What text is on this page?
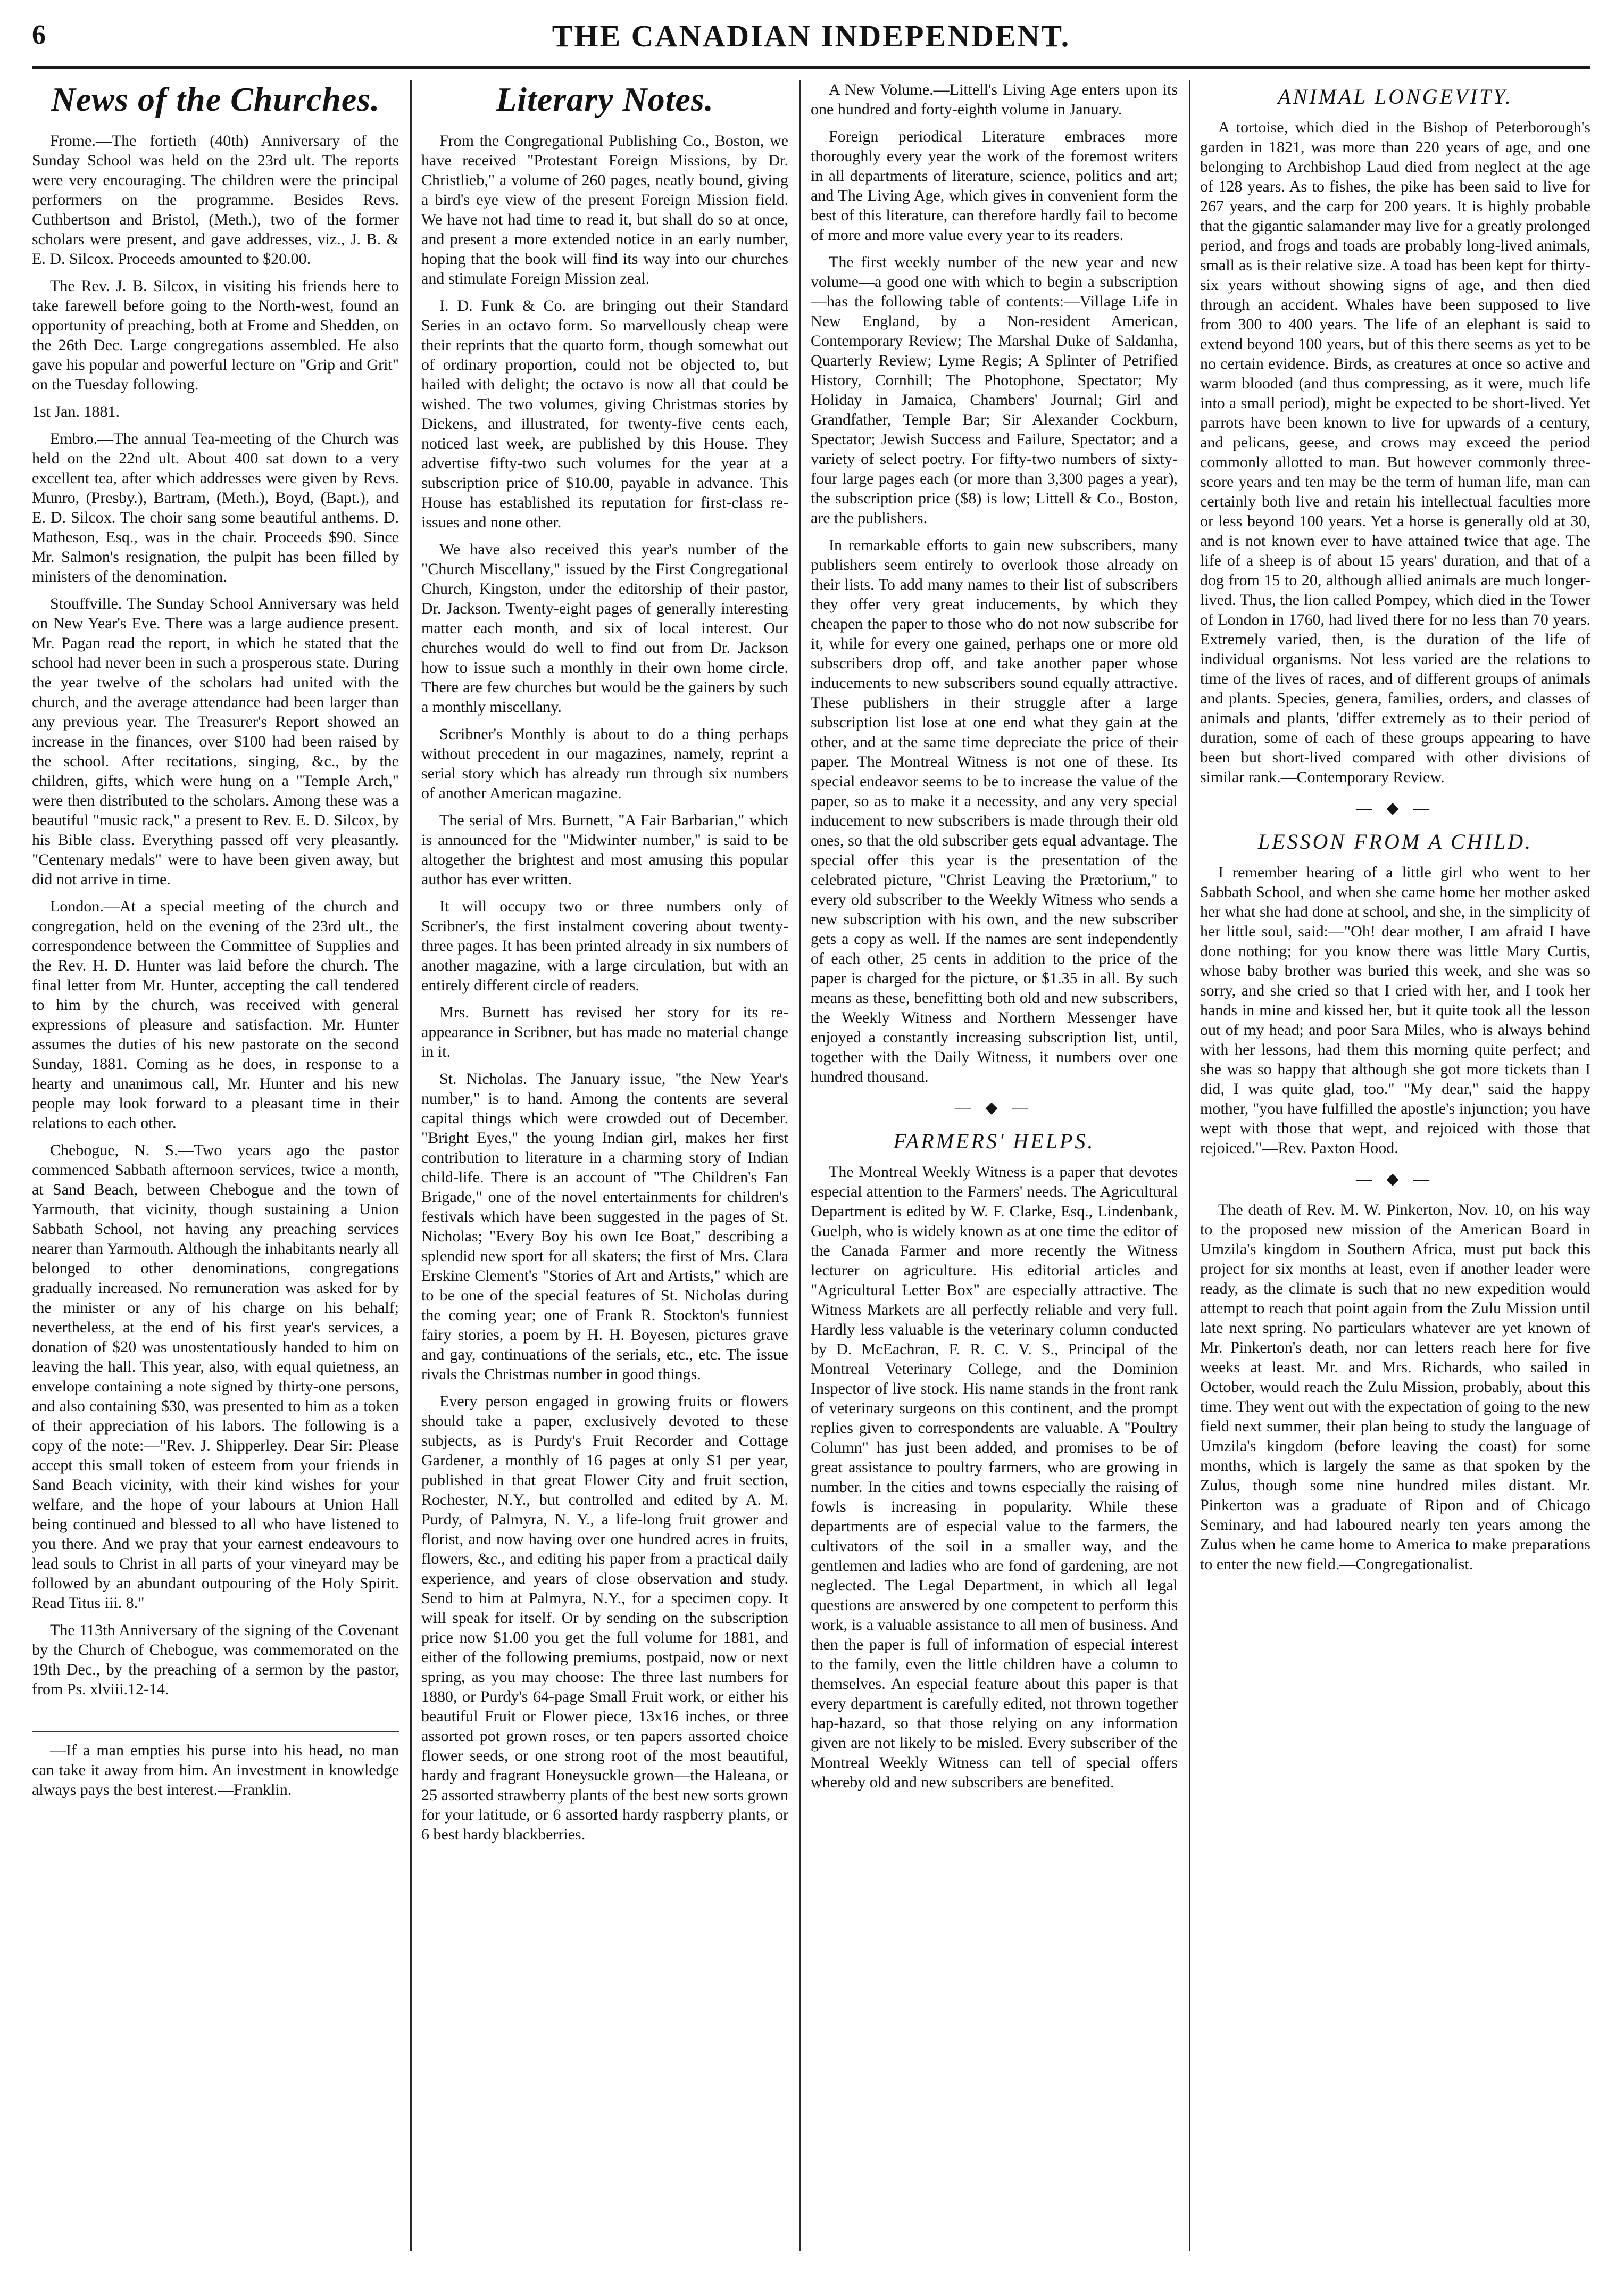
6	THE CANADIAN INDEPENDENT.
News of the Churches.

Frome.—The fortieth (40th) Anniversary of the Sunday School was held on the 23rd ult. The reports were very encouraging. The children were the principal performers on the programme. Besides Revs. Cuthbertson and Bristol, (Meth.), two of the former scholars were present, and gave addresses, viz., J. B. & E. D. Silcox. Proceeds amounted to $20.00.

The Rev. J. B. Silcox, in visiting his friends here to take farewell before going to the North-west, found an opportunity of preaching, both at Frome and Shedden, on the 26th Dec. Large congregations assembled. He also gave his popular and powerful lecture on "Grip and Grit" on the Tuesday following.

1st Jan. 1881.

Embro.—The annual Tea-meeting of the Church was held on the 22nd ult. About 400 sat down to a very excellent tea, after which addresses were given by Revs. Munro, (Presby.), Bartram, (Meth.), Boyd, (Bapt.), and E. D. Silcox. The choir sang some beautiful anthems. D. Matheson, Esq., was in the chair. Proceeds $90. Since Mr. Salmon's resignation, the pulpit has been filled by ministers of the denomination.

Stouffville. The Sunday School Anniversary was held on New Year's Eve. There was a large audience present. Mr. Pagan read the report, in which he stated that the school had never been in such a prosperous state. During the year twelve of the scholars had united with the church, and the average attendance had been larger than any previous year. The Treasurer's Report showed an increase in the finances, over $100 had been raised by the school. After recitations, singing, &c., by the children, gifts, which were hung on a "Temple Arch," were then distributed to the scholars. Among these was a beautiful "music rack," a present to Rev. E. D. Silcox, by his Bible class. Everything passed off very pleasantly. "Centenary medals" were to have been given away, but did not arrive in time.

London.—At a special meeting of the church and congregation, held on the evening of the 23rd ult., the correspondence between the Committee of Supplies and the Rev. H. D. Hunter was laid before the church. The final letter from Mr. Hunter, accepting the call tendered to him by the church, was received with general expressions of pleasure and satisfaction. Mr. Hunter assumes the duties of his new pastorate on the second Sunday, 1881. Coming as he does, in response to a hearty and unanimous call, Mr. Hunter and his new people may look forward to a pleasant time in their relations to each other.

Chebogue, N. S.—Two years ago the pastor commenced Sabbath afternoon services, twice a month, at Sand Beach, between Chebogue and the town of Yarmouth, that vicinity, though sustaining a Union Sabbath School, not having any preaching services nearer than Yarmouth. Although the inhabitants nearly all belonged to other denominations, congregations gradually increased. No remuneration was asked for by the minister or any of his charge on his behalf; nevertheless, at the end of his first year's services, a donation of $20 was unostentatiously handed to him on leaving the hall. This year, also, with equal quietness, an envelope containing a note signed by thirty-one persons, and also containing $30, was presented to him as a token of their appreciation of his labors. The following is a copy of the note:—"Rev. J. Shipperley. Dear Sir: Please accept this small token of esteem from your friends in Sand Beach vicinity, with their kind wishes for your welfare, and the hope of your labours at Union Hall being continued and blessed to all who have listened to you there. And we pray that your earnest endeavours to lead souls to Christ in all parts of your vineyard may be followed by an abundant outpouring of the Holy Spirit. Read Titus iii. 8."

The 113th Anniversary of the signing of the Covenant by the Church of Chebogue, was commemorated on the 19th Dec., by the preaching of a sermon by the pastor, from Ps. xlviii.12-14.

—If a man empties his purse into his head, no man can take it away from him. An investment in knowledge always pays the best interest.—Franklin.

Literary Notes.

From the Congregational Publishing Co., Boston, we have received "Protestant Foreign Missions, by Dr. Christlieb," a volume of 260 pages, neatly bound, giving a bird's eye view of the present Foreign Mission field. We have not had time to read it, but shall do so at once, and present a more extended notice in an early number, hoping that the book will find its way into our churches and stimulate Foreign Mission zeal.

I. D. Funk & Co. are bringing out their Standard Series in an octavo form. So marvellously cheap were their reprints that the quarto form, though somewhat out of ordinary proportion, could not be objected to, but hailed with delight; the octavo is now all that could be wished. The two volumes, giving Christmas stories by Dickens, and illustrated, for twenty-five cents each, noticed last week, are published by this House. They advertise fifty-two such volumes for the year at a subscription price of $10.00, payable in advance. This House has established its reputation for first-class re-issues and none other.

We have also received this year's number of the "Church Miscellany," issued by the First Congregational Church, Kingston, under the editorship of their pastor, Dr. Jackson. Twenty-eight pages of generally interesting matter each month, and six of local interest. Our churches would do well to find out from Dr. Jackson how to issue such a monthly in their own home circle. There are few churches but would be the gainers by such a monthly miscellany.

Scribner's Monthly is about to do a thing perhaps without precedent in our magazines, namely, reprint a serial story which has already run through six numbers of another American magazine.

The serial of Mrs. Burnett, "A Fair Barbarian," which is announced for the "Midwinter number," is said to be altogether the brightest and most amusing this popular author has ever written.

It will occupy two or three numbers only of Scribner's, the first instalment covering about twenty-three pages. It has been printed already in six numbers of another magazine, with a large circulation, but with an entirely different circle of readers.

Mrs. Burnett has revised her story for its re-appearance in Scribner, but has made no material change in it.

St. Nicholas. The January issue, "the New Year's number," is to hand. Among the contents are several capital things which were crowded out of December. "Bright Eyes," the young Indian girl, makes her first contribution to literature in a charming story of Indian child-life. There is an account of "The Children's Fan Brigade," one of the novel entertainments for children's festivals which have been suggested in the pages of St. Nicholas; "Every Boy his own Ice Boat," describing a splendid new sport for all skaters; the first of Mrs. Clara Erskine Clement's "Stories of Art and Artists," which are to be one of the special features of St. Nicholas during the coming year; one of Frank R. Stockton's funniest fairy stories, a poem by H. H. Boyesen, pictures grave and gay, continuations of the serials, etc., etc. The issue rivals the Christmas number in good things.

Every person engaged in growing fruits or flowers should take a paper, exclusively devoted to these subjects, as is Purdy's Fruit Recorder and Cottage Gardener, a monthly of 16 pages at only $1 per year, published in that great Flower City and fruit section, Rochester, N.Y., but controlled and edited by A. M. Purdy, of Palmyra, N. Y., a life-long fruit grower and florist, and now having over one hundred acres in fruits, flowers, &c., and editing his paper from a practical daily experience, and years of close observation and study. Send to him at Palmyra, N.Y., for a specimen copy. It will speak for itself. Or by sending on the subscription price now $1.00 you get the full volume for 1881, and either of the following premiums, postpaid, now or next spring, as you may choose: The three last numbers for 1880, or Purdy's 64-page Small Fruit work, or either his beautiful Fruit or Flower piece, 13x16 inches, or three assorted pot grown roses, or ten papers assorted choice flower seeds, or one strong root of the most beautiful, hardy and fragrant Honeysuckle grown—the Haleana, or 25 assorted strawberry plants of the best new sorts grown for your latitude, or 6 assorted hardy raspberry plants, or 6 best hardy blackberries.

A New Volume.—Littell's Living Age enters upon its one hundred and forty-eighth volume in January.

Foreign periodical Literature embraces more thoroughly every year the work of the foremost writers in all departments of literature, science, politics and art; and The Living Age, which gives in convenient form the best of this literature, can therefore hardly fail to become of more and more value every year to its readers.

The first weekly number of the new year and new volume—a good one with which to begin a subscription—has the following table of contents:—Village Life in New England, by a Non-resident American, Contemporary Review; The Marshal Duke of Saldanha, Quarterly Review; Lyme Regis; A Splinter of Petrified History, Cornhill; The Photophone, Spectator; My Holiday in Jamaica, Chambers' Journal; Girl and Grandfather, Temple Bar; Sir Alexander Cockburn, Spectator; Jewish Success and Failure, Spectator; and a variety of select poetry. For fifty-two numbers of sixty-four large pages each (or more than 3,300 pages a year), the subscription price ($8) is low; Littell & Co., Boston, are the publishers.

In remarkable efforts to gain new subscribers, many publishers seem entirely to overlook those already on their lists. To add many names to their list of subscribers they offer very great inducements, by which they cheapen the paper to those who do not now subscribe for it, while for every one gained, perhaps one or more old subscribers drop off, and take another paper whose inducements to new subscribers sound equally attractive. These publishers in their struggle after a large subscription list lose at one end what they gain at the other, and at the same time depreciate the price of their paper. The Montreal Witness is not one of these. Its special endeavor seems to be to increase the value of the paper, so as to make it a necessity, and any very special inducement to new subscribers is made through their old ones, so that the old subscriber gets equal advantage. The special offer this year is the presentation of the celebrated picture, "Christ Leaving the Prætorium," to every old subscriber to the Weekly Witness who sends a new subscription with his own, and the new subscriber gets a copy as well. If the names are sent independently of each other, 25 cents in addition to the price of the paper is charged for the picture, or $1.35 in all. By such means as these, benefitting both old and new subscribers, the Weekly Witness and Northern Messenger have enjoyed a constantly increasing subscription list, until, together with the Daily Witness, it numbers over one hundred thousand.

— ◆ —
FARMERS' HELPS.

The Montreal Weekly Witness is a paper that devotes especial attention to the Farmers' needs. The Agricultural Department is edited by W. F. Clarke, Esq., Lindenbank, Guelph, who is widely known as at one time the editor of the Canada Farmer and more recently the Witness lecturer on agriculture. His editorial articles and "Agricultural Letter Box" are especially attractive. The Witness Markets are all perfectly reliable and very full. Hardly less valuable is the veterinary column conducted by D. McEachran, F. R. C. V. S., Principal of the Montreal Veterinary College, and the Dominion Inspector of live stock. His name stands in the front rank of veterinary surgeons on this continent, and the prompt replies given to correspondents are valuable. A "Poultry Column" has just been added, and promises to be of great assistance to poultry farmers, who are growing in number. In the cities and towns especially the raising of fowls is increasing in popularity. While these departments are of especial value to the farmers, the cultivators of the soil in a smaller way, and the gentlemen and ladies who are fond of gardening, are not neglected. The Legal Department, in which all legal questions are answered by one competent to perform this work, is a valuable assistance to all men of business. And then the paper is full of information of especial interest to the family, even the little children have a column to themselves. An especial feature about this paper is that every department is carefully edited, not thrown together hap-hazard, so that those relying on any information given are not likely to be misled. Every subscriber of the Montreal Weekly Witness can tell of special offers whereby old and new subscribers are benefited.

ANIMAL LONGEVITY.

A tortoise, which died in the Bishop of Peterborough's garden in 1821, was more than 220 years of age, and one belonging to Archbishop Laud died from neglect at the age of 128 years. As to fishes, the pike has been said to live for 267 years, and the carp for 200 years. It is highly probable that the gigantic salamander may live for a greatly prolonged period, and frogs and toads are probably long-lived animals, small as is their relative size. A toad has been kept for thirty-six years without showing signs of age, and then died through an accident. Whales have been supposed to live from 300 to 400 years. The life of an elephant is said to extend beyond 100 years, but of this there seems as yet to be no certain evidence. Birds, as creatures at once so active and warm blooded (and thus compressing, as it were, much life into a small period), might be expected to be short-lived. Yet parrots have been known to live for upwards of a century, and pelicans, geese, and crows may exceed the period commonly allotted to man. But however commonly three-score years and ten may be the term of human life, man can certainly both live and retain his intellectual faculties more or less beyond 100 years. Yet a horse is generally old at 30, and is not known ever to have attained twice that age. The life of a sheep is of about 15 years' duration, and that of a dog from 15 to 20, although allied animals are much longer-lived. Thus, the lion called Pompey, which died in the Tower of London in 1760, had lived there for no less than 70 years. Extremely varied, then, is the duration of the life of individual organisms. Not less varied are the relations to time of the lives of races, and of different groups of animals and plants. Species, genera, families, orders, and classes of animals and plants, 'differ extremely as to their period of duration, some of each of these groups appearing to have been but short-lived compared with other divisions of similar rank.—Contemporary Review.

— ◆ —
LESSON FROM A CHILD.

I remember hearing of a little girl who went to her Sabbath School, and when she came home her mother asked her what she had done at school, and she, in the simplicity of her little soul, said:—"Oh! dear mother, I am afraid I have done nothing; for you know there was little Mary Curtis, whose baby brother was buried this week, and she was so sorry, and she cried so that I cried with her, and I took her hands in mine and kissed her, but it quite took all the lesson out of my head; and poor Sara Miles, who is always behind with her lessons, had them this morning quite perfect; and she was so happy that although she got more tickets than I did, I was quite glad, too." "My dear," said the happy mother, "you have fulfilled the apostle's injunction; you have wept with those that wept, and rejoiced with those that rejoiced."—Rev. Paxton Hood.

— ◆ —

The death of Rev. M. W. Pinkerton, Nov. 10, on his way to the proposed new mission of the American Board in Umzila's kingdom in Southern Africa, must put back this project for six months at least, even if another leader were ready, as the climate is such that no new expedition would attempt to reach that point again from the Zulu Mission until late next spring. No particulars whatever are yet known of Mr. Pinkerton's death, nor can letters reach here for five weeks at least. Mr. and Mrs. Richards, who sailed in October, would reach the Zulu Mission, probably, about this time. They went out with the expectation of going to the new field next summer, their plan being to study the language of Umzila's kingdom (before leaving the coast) for some months, which is largely the same as that spoken by the Zulus, though some nine hundred miles distant. Mr. Pinkerton was a graduate of Ripon and of Chicago Seminary, and had laboured nearly ten years among the Zulus when he came home to America to make preparations to enter the new field.—Congregationalist.
